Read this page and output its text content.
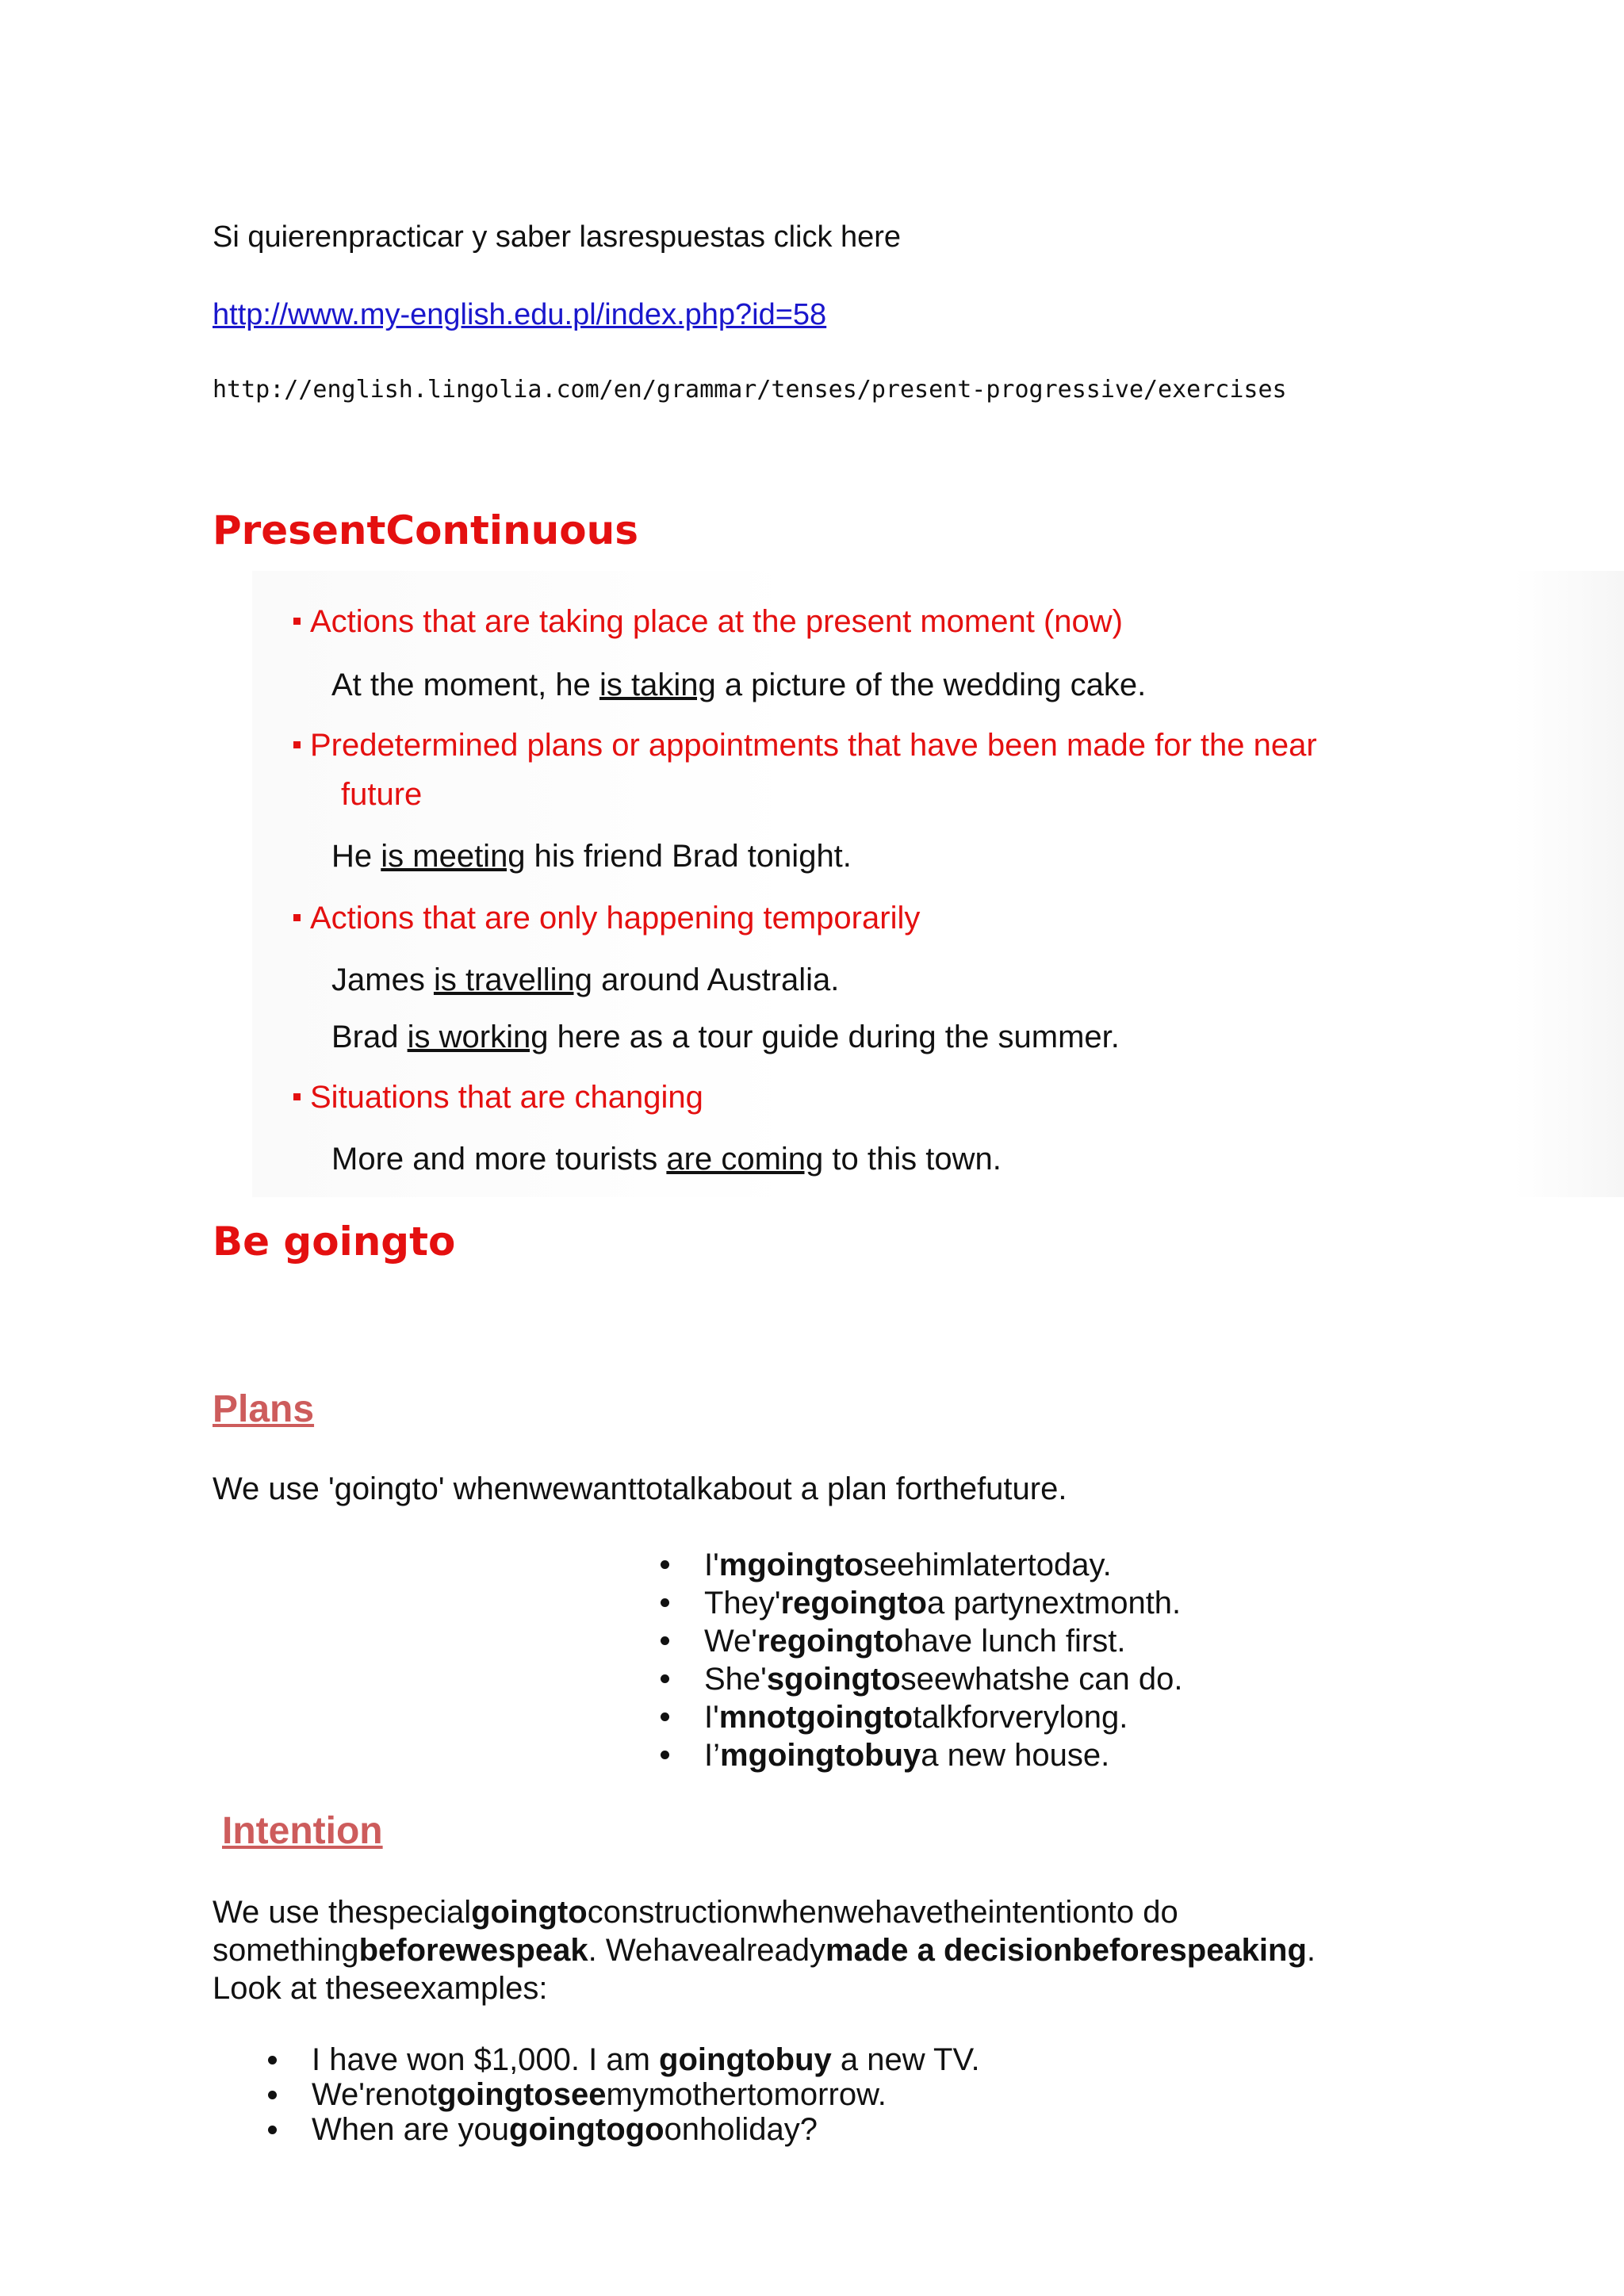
Si quierenpracticar y saber lasrespuestas click here
http://www.my-english.edu.pl/index.php?id=58
http://english.lingolia.com/en/grammar/tenses/present-progressive/exercises
PresentContinuous
Actions that are taking place at the present moment (now)
At the moment, he is taking a picture of the wedding cake.
Predetermined plans or appointments that have been made for the near
future
He is meeting his friend Brad tonight.
Actions that are only happening temporarily
James is travelling around Australia.
Brad is working here as a tour guide during the summer.
Situations that are changing
More and more tourists are coming to this town.
Be goingto
Plans
We use 'goingto' whenwewanttotalkabout a plan forthefuture.
I'mgoingtoseehimlatertoday.
They'regoingtoa partynextmonth.
We'regoingtohave lunch first.
She'sgoingtoseewhatshe can do.
I'mnotgoingtotalkforverylong.
I’mgoingtobuya new house.
Intention
We use thespecialgoingtoconstructionwhenwehavetheintentionto do
somethingbeforewespeak. Wehavealreadymade a decisionbeforespeaking.
Look at theseexamples:
I have won $1,000. I am goingtobuy a new TV.
We'renotgoingtoseemymothertomorrow.
When are yougoingtogoonholiday?
